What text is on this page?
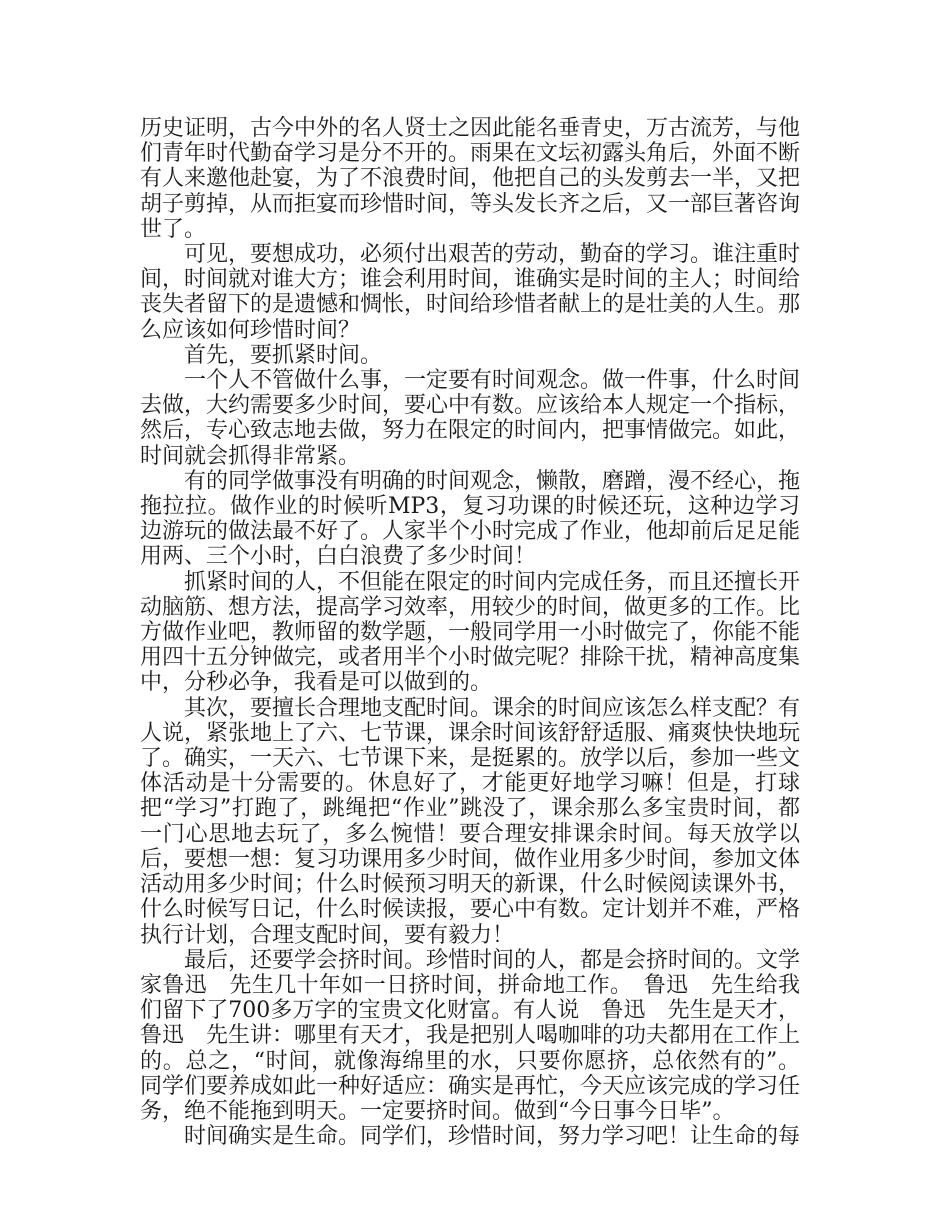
历史证明，古今中外的名人贤士之因此能名垂青史，万古流芳，与他们青年时代勤奋学习是分不开的。雨果在文坛初露头角后，外面不断有人来邀他赴宴，为了不浪费时间，他把自己的头发剪去一半，又把胡子剪掉，从而拒宴而珍惜时间，等头发长齐之后，又一部巨著咨询世了。

可见，要想成功，必须付出艰苦的劳动，勤奋的学习。谁注重时间，时间就对谁大方；谁会利用时间，谁确实是时间的主人；时间给丧失者留下的是遗憾和惆怅，时间给珍惜者献上的是壮美的人生。那么应该如何珍惜时间？

首先，要抓紧时间。

一个人不管做什么事，一定要有时间观念。做一件事，什么时间去做，大约需要多少时间，要心中有数。应该给本人规定一个指标，然后，专心致志地去做，努力在限定的时间内，把事情做完。如此，时间就会抓得非常紧。

有的同学做事没有明确的时间观念，懒散，磨蹭，漫不经心，拖拖拉拉。做作业的时候听MP3，复习功课的时候还玩，这种边学习边游玩的做法最不好了。人家半个小时完成了作业，他却前后足足能用两、三个小时，白白浪费了多少时间！

抓紧时间的人，不但能在限定的时间内完成任务，而且还擅长开动脑筋、想方法，提高学习效率，用较少的时间，做更多的工作。比方做作业吧，教师留的数学题，一般同学用一小时做完了，你能不能用四十五分钟做完，或者用半个小时做完呢？排除干扰，精神高度集中，分秒必争，我看是可以做到的。

其次，要擅长合理地支配时间。课余的时间应该怎么样支配？有人说，紧张地上了六、七节课，课余时间该舒舒适服、痛爽快快地玩了。确实，一天六、七节课下来，是挺累的。放学以后，参加一些文体活动是十分需要的。休息好了，才能更好地学习嘛！但是，打球把“学习”打跑了，跳绳把“作业”跳没了，课余那么多宝贵时间，都一门心思地去玩了，多么惋惜！要合理安排课余时间。每天放学以后，要想一想：复习功课用多少时间，做作业用多少时间，参加文体活动用多少时间；什么时候预习明天的新课，什么时候阅读课外书，什么时候写日记，什么时候读报，要心中有数。定计划并不难，严格执行计划，合理支配时间，要有毅力！

最后，还要学会挤时间。珍惜时间的人，都是会挤时间的。文学家鲁迅　先生几十年如一日挤时间，拼命地工作。　鲁迅　先生给我们留下了700多万字的宝贵文化财富。有人说　鲁迅　先生是天才，鲁迅　先生讲：哪里有天才，我是把别人喝咖啡的功夫都用在工作上的。总之，“时间，就像海绵里的水，只要你愿挤，总依然有的”。同学们要养成如此一种好适应：确实是再忙，今天应该完成的学习任务，绝不能拖到明天。一定要挤时间。做到“今日事今日毕”。

时间确实是生命。同学们，珍惜时间，努力学习吧！让生命的每
